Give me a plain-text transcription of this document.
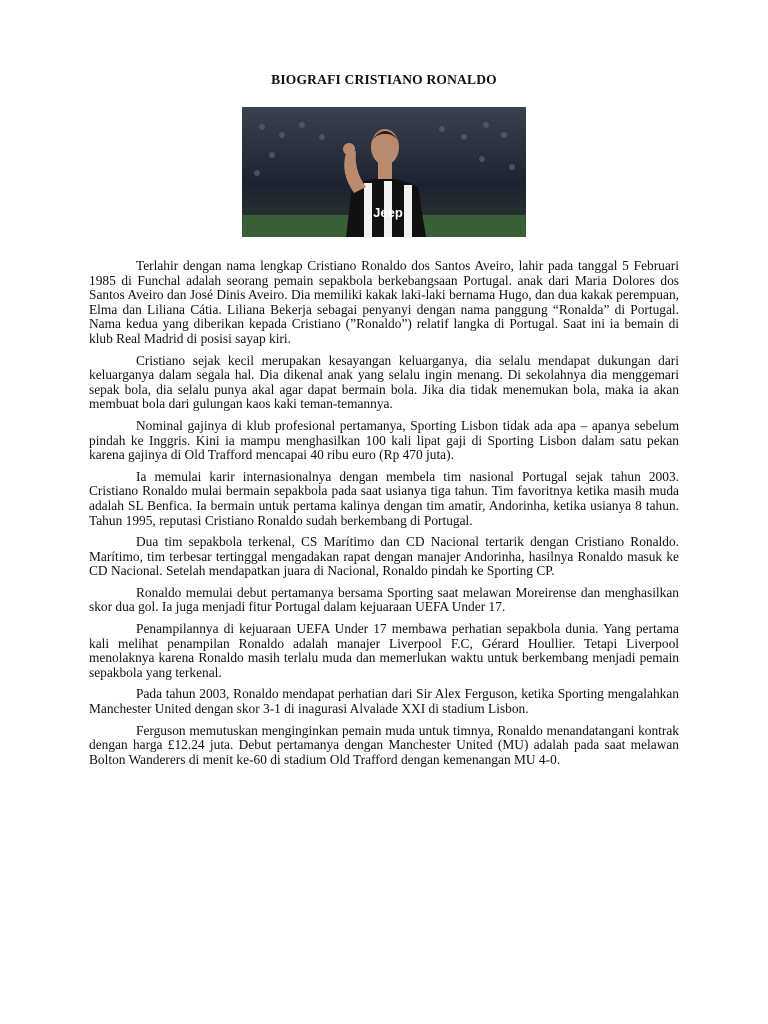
BIOGRAFI CRISTIANO RONALDO
Jeep

Terlahir dengan nama lengkap Cristiano Ronaldo dos Santos Aveiro, lahir pada tanggal 5 Februari 1985 di Funchal adalah seorang pemain sepakbola berkebangsaan Portugal. anak dari Maria Dolores dos Santos Aveiro dan José Dinis Aveiro. Dia memiliki kakak laki-laki bernama Hugo, dan dua kakak perempuan, Elma dan Liliana Cátia. Liliana Bekerja sebagai penyanyi dengan nama panggung “Ronalda” di Portugal. Nama kedua yang diberikan kepada Cristiano (”Ronaldo”) relatif langka di Portugal. Saat ini ia bemain di klub Real Madrid di posisi sayap kiri.

Cristiano sejak kecil merupakan kesayangan keluarganya, dia selalu mendapat dukungan dari keluarganya dalam segala hal. Dia dikenal anak yang selalu ingin menang. Di sekolahnya dia menggemari sepak bola, dia selalu punya akal agar dapat bermain bola. Jika dia tidak menemukan bola, maka ia akan membuat bola dari gulungan kaos kaki teman-temannya.

Nominal gajinya di klub profesional pertamanya, Sporting Lisbon tidak ada apa – apanya sebelum pindah ke Inggris. Kini ia mampu menghasilkan 100 kali lipat gaji di Sporting Lisbon dalam satu pekan karena gajinya di Old Trafford mencapai 40 ribu euro (Rp 470 juta).

Ia memulai karir internasionalnya dengan membela tim nasional Portugal sejak tahun 2003. Cristiano Ronaldo mulai bermain sepakbola pada saat usianya tiga tahun. Tim favoritnya ketika masih muda adalah SL Benfica. Ia bermain untuk pertama kalinya dengan tim amatir, Andorinha, ketika usianya 8 tahun. Tahun 1995, reputasi Cristiano Ronaldo sudah berkembang di Portugal.

Dua tim sepakbola terkenal, CS Marítimo dan CD Nacional tertarik dengan Cristiano Ronaldo. Marítimo, tim terbesar tertinggal mengadakan rapat dengan manajer Andorinha, hasilnya Ronaldo masuk ke CD Nacional. Setelah mendapatkan juara di Nacional, Ronaldo pindah ke Sporting CP.

Ronaldo memulai debut pertamanya bersama Sporting saat melawan Moreirense dan menghasilkan skor dua gol. Ia juga menjadi fitur Portugal dalam kejuaraan UEFA Under 17.

Penampilannya di kejuaraan UEFA Under 17 membawa perhatian sepakbola dunia. Yang pertama kali melihat penampilan Ronaldo adalah manajer Liverpool F.C, Gérard Houllier. Tetapi Liverpool menolaknya karena Ronaldo masih terlalu muda dan memerlukan waktu untuk berkembang menjadi pemain sepakbola yang terkenal.

Pada tahun 2003, Ronaldo mendapat perhatian dari Sir Alex Ferguson, ketika Sporting mengalahkan Manchester United dengan skor 3-1 di inagurasi Alvalade XXI di stadium Lisbon.

Ferguson memutuskan menginginkan pemain muda untuk timnya, Ronaldo menandatangani kontrak dengan harga £12.24 juta. Debut pertamanya dengan Manchester United (MU) adalah pada saat melawan Bolton Wanderers di menit ke-60 di stadium Old Trafford dengan kemenangan MU 4-0.
